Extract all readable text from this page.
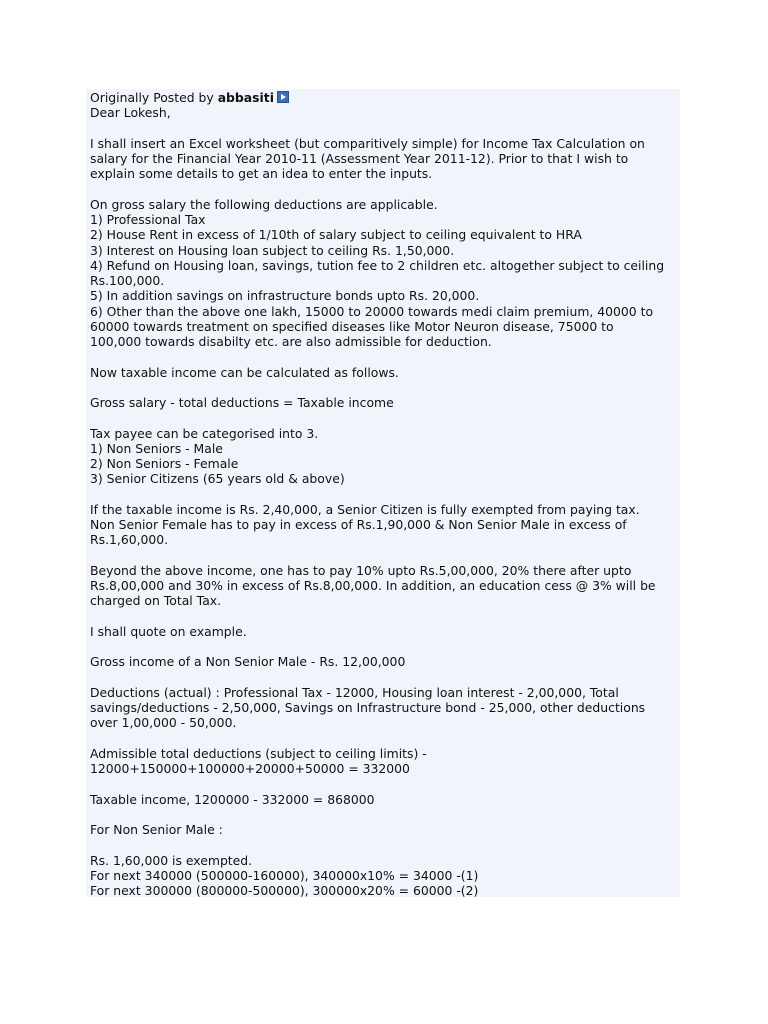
Originally Posted by abbasiti
Dear Lokesh,
I shall insert an Excel worksheet (but comparitively simple) for Income Tax Calculation on
salary for the Financial Year 2010-11 (Assessment Year 2011-12). Prior to that I wish to
explain some details to get an idea to enter the inputs.
On gross salary the following deductions are applicable.
1) Professional Tax
2) House Rent in excess of 1/10th of salary subject to ceiling equivalent to HRA
3) Interest on Housing loan subject to ceiling Rs. 1,50,000.
4) Refund on Housing loan, savings, tution fee to 2 children etc. altogether subject to ceiling
Rs.100,000.
5) In addition savings on infrastructure bonds upto Rs. 20,000.
6) Other than the above one lakh, 15000 to 20000 towards medi claim premium, 40000 to
60000 towards treatment on specified diseases like Motor Neuron disease, 75000 to
100,000 towards disabilty etc. are also admissible for deduction.
Now taxable income can be calculated as follows.
Gross salary - total deductions = Taxable income
Tax payee can be categorised into 3.
1) Non Seniors - Male
2) Non Seniors - Female
3) Senior Citizens (65 years old & above)
If the taxable income is Rs. 2,40,000, a Senior Citizen is fully exempted from paying tax.
Non Senior Female has to pay in excess of Rs.1,90,000 & Non Senior Male in excess of
Rs.1,60,000.
Beyond the above income, one has to pay 10% upto Rs.5,00,000, 20% there after upto
Rs.8,00,000 and 30% in excess of Rs.8,00,000. In addition, an education cess @ 3% will be
charged on Total Tax.
I shall quote on example.
Gross income of a Non Senior Male - Rs. 12,00,000
Deductions (actual) : Professional Tax - 12000, Housing loan interest - 2,00,000, Total
savings/deductions - 2,50,000, Savings on Infrastructure bond - 25,000, other deductions
over 1,00,000 - 50,000.
Admissible total deductions (subject to ceiling limits) -
12000+150000+100000+20000+50000 = 332000
Taxable income, 1200000 - 332000 = 868000
For Non Senior Male :
Rs. 1,60,000 is exempted.
For next 340000 (500000-160000), 340000x10% = 34000 -(1)
For next 300000 (800000-500000), 300000x20% = 60000 -(2)
